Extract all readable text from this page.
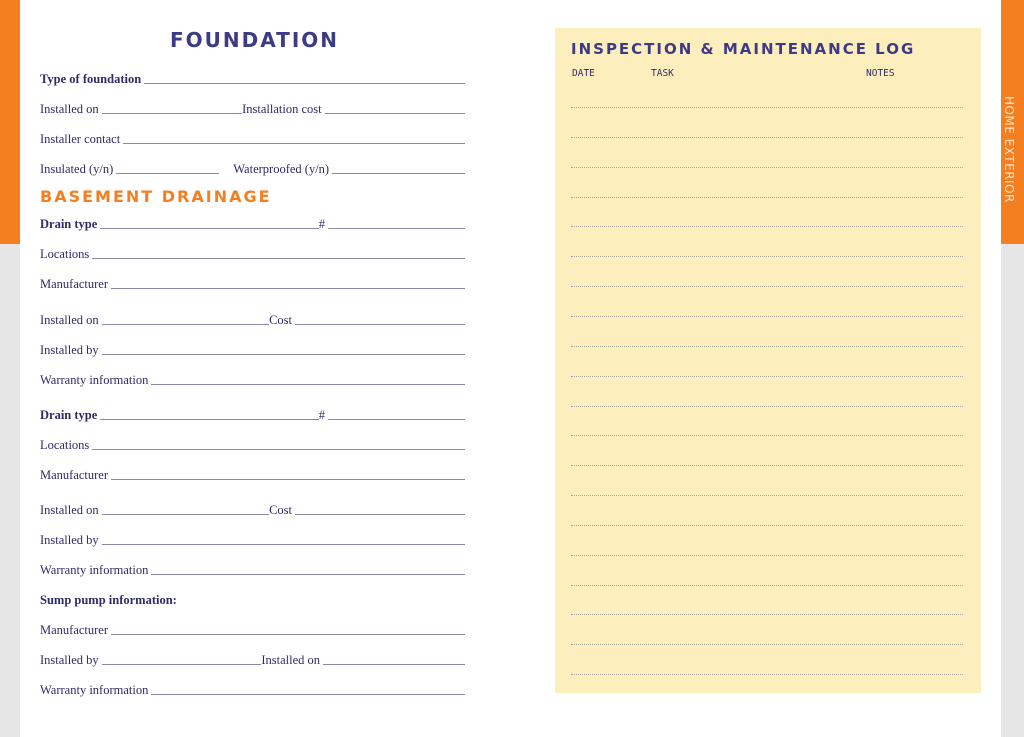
HOME EXTERIOR
FOUNDATION
Type of foundation
Installed on	Installation cost
Installer contact
Insulated (y/n)	Waterproofed (y/n)
BASEMENT DRAINAGE
Drain type	#
Locations
Manufacturer
Installed on	Cost
Installed by
Warranty information
Drain type	#
Locations
Manufacturer
Installed on	Cost
Installed by
Warranty information
Sump pump information:
Manufacturer
Installed by	Installed on
Warranty information
INSPECTION & MAINTENANCE LOG
DATE	TASK	NOTES
